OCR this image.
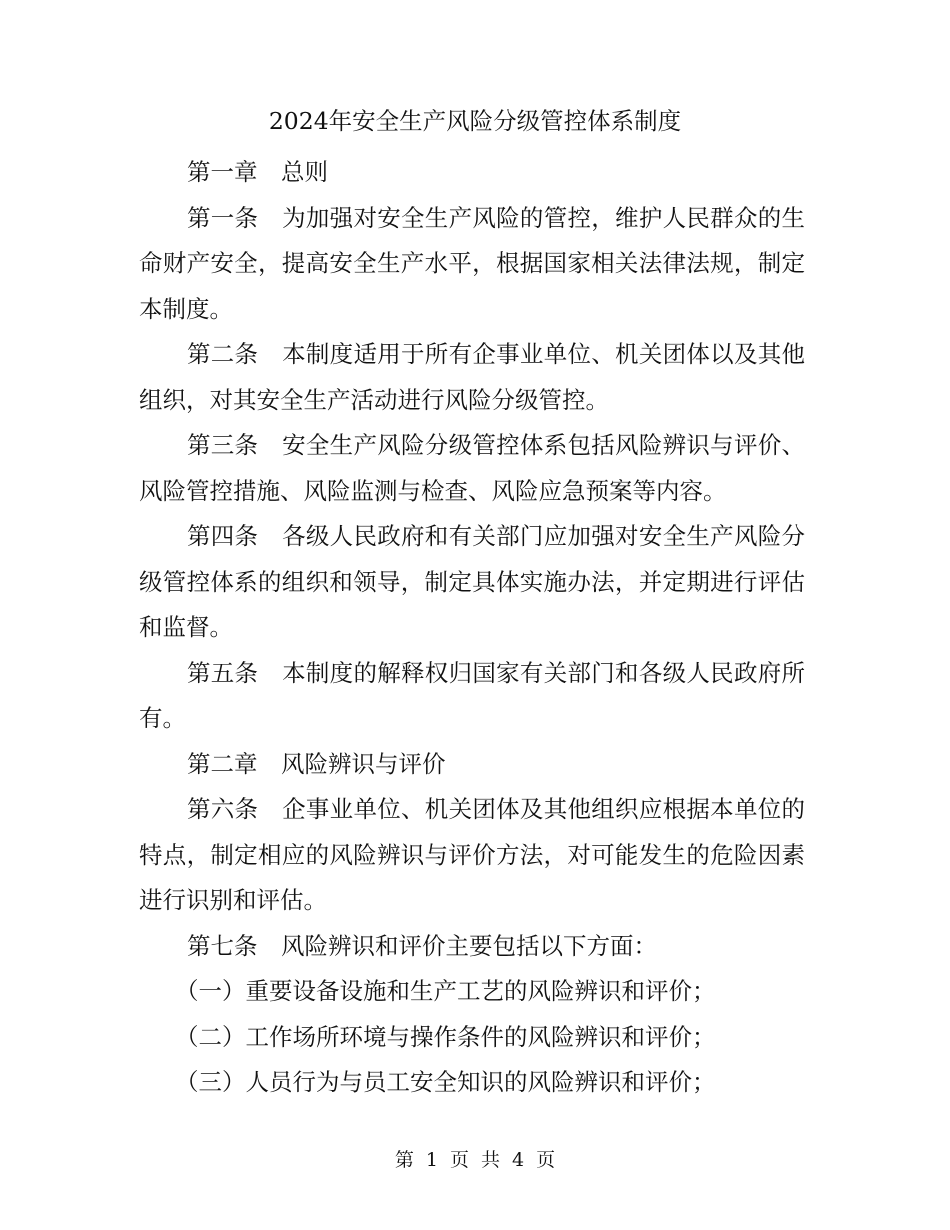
2024年安全生产风险分级管控体系制度

第一章　总则

第一条　为加强对安全生产风险的管控，维护人民群众的生命财产安全，提高安全生产水平，根据国家相关法律法规，制定本制度。

第二条　本制度适用于所有企事业单位、机关团体以及其他组织，对其安全生产活动进行风险分级管控。

第三条　安全生产风险分级管控体系包括风险辨识与评价、风险管控措施、风险监测与检查、风险应急预案等内容。

第四条　各级人民政府和有关部门应加强对安全生产风险分级管控体系的组织和领导，制定具体实施办法，并定期进行评估和监督。

第五条　本制度的解释权归国家有关部门和各级人民政府所有。

第二章　风险辨识与评价

第六条　企事业单位、机关团体及其他组织应根据本单位的特点，制定相应的风险辨识与评价方法，对可能发生的危险因素进行识别和评估。

第七条　风险辨识和评价主要包括以下方面：

（一）重要设备设施和生产工艺的风险辨识和评价；

（二）工作场所环境与操作条件的风险辨识和评价；

（三）人员行为与员工安全知识的风险辨识和评价；

第 1 页 共 4 页
